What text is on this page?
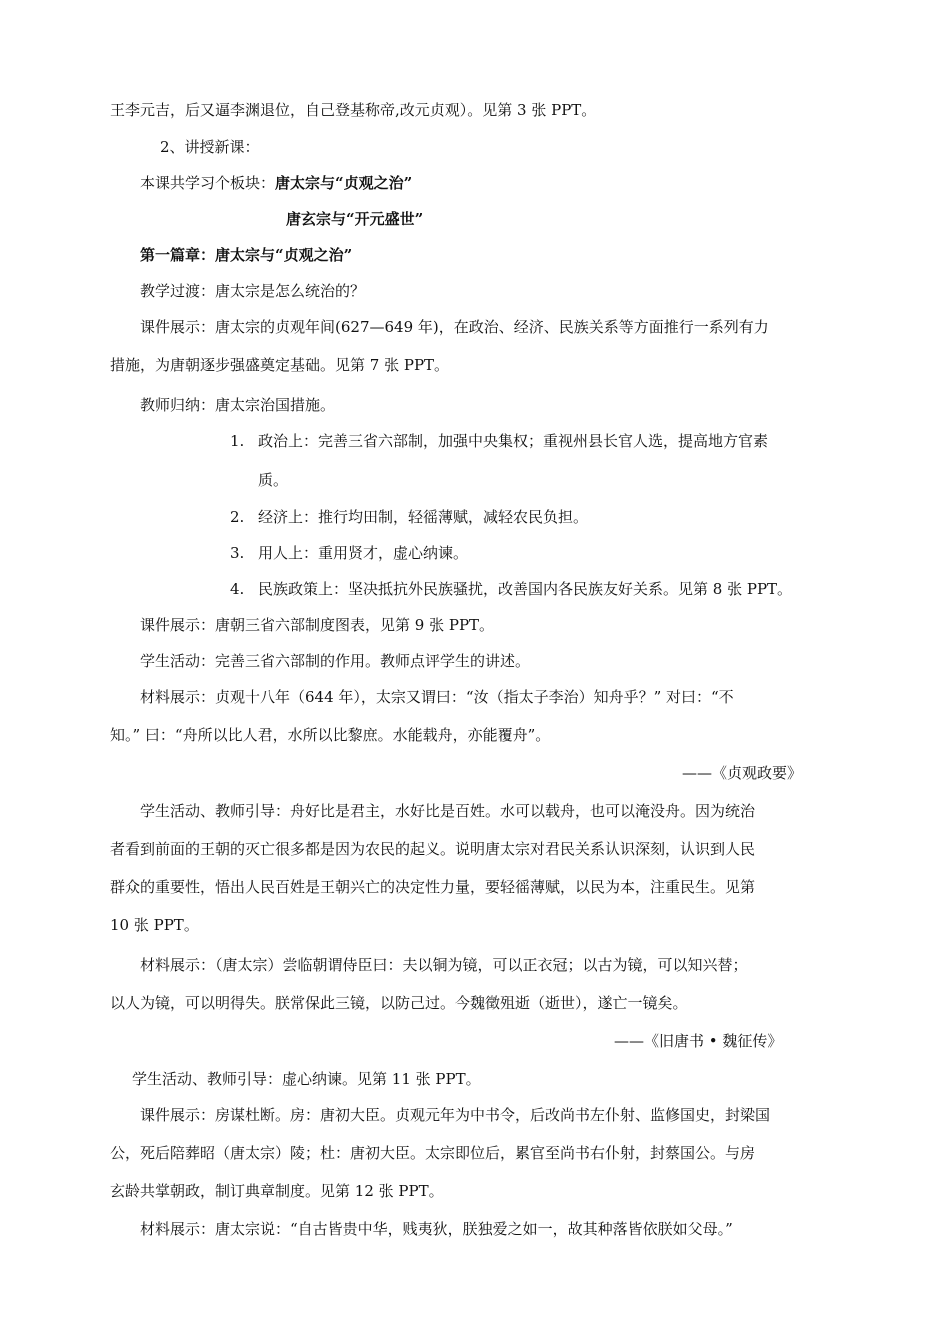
王李元吉，后又逼李渊退位，自己登基称帝,改元贞观）。见第 3 张 PPT。
2、讲授新课：
本课共学习个板块：唐太宗与“贞观之治”
唐玄宗与“开元盛世”
第一篇章：唐太宗与“贞观之治”
教学过渡：唐太宗是怎么统治的？
课件展示：唐太宗的贞观年间(627—649 年)，在政治、经济、民族关系等方面推行一系列有力
措施，为唐朝逐步强盛奠定基础。见第 7 张 PPT。
教师归纳：唐太宗治国措施。
1. 政治上：完善三省六部制，加强中央集权；重视州县长官人选，提高地方官素
质。
2. 经济上：推行均田制，轻徭薄赋，减轻农民负担。
3. 用人上：重用贤才，虚心纳谏。
4. 民族政策上：坚决抵抗外民族骚扰，改善国内各民族友好关系。见第 8 张 PPT。
课件展示：唐朝三省六部制度图表，见第 9 张 PPT。
学生活动：完善三省六部制的作用。教师点评学生的讲述。
材料展示：贞观十八年（644 年），太宗又谓曰：“汝（指太子李治）知舟乎？” 对曰：“不
知。” 曰：“舟所以比人君，水所以比黎庶。水能载舟，亦能覆舟”。
——《贞观政要》
学生活动、教师引导：舟好比是君主，水好比是百姓。水可以载舟，也可以淹没舟。因为统治
者看到前面的王朝的灭亡很多都是因为农民的起义。说明唐太宗对君民关系认识深刻，认识到人民
群众的重要性，悟出人民百姓是王朝兴亡的决定性力量，要轻徭薄赋，以民为本，注重民生。见第
10 张 PPT。
材料展示：（唐太宗）尝临朝谓侍臣曰：夫以铜为镜，可以正衣冠；以古为镜，可以知兴替；
以人为镜，可以明得失。朕常保此三镜，以防己过。今魏徵殂逝（逝世），遂亡一镜矣。
——《旧唐书 • 魏征传》
学生活动、教师引导：虚心纳谏。见第 11 张 PPT。
课件展示：房谋杜断。房：唐初大臣。贞观元年为中书令，后改尚书左仆射、监修国史，封梁国
公，死后陪葬昭（唐太宗）陵；杜：唐初大臣。太宗即位后，累官至尚书右仆射，封蔡国公。与房
玄龄共掌朝政，制订典章制度。见第 12 张 PPT。
材料展示：唐太宗说：“自古皆贵中华，贱夷狄，朕独爱之如一，故其种落皆依朕如父母。”
